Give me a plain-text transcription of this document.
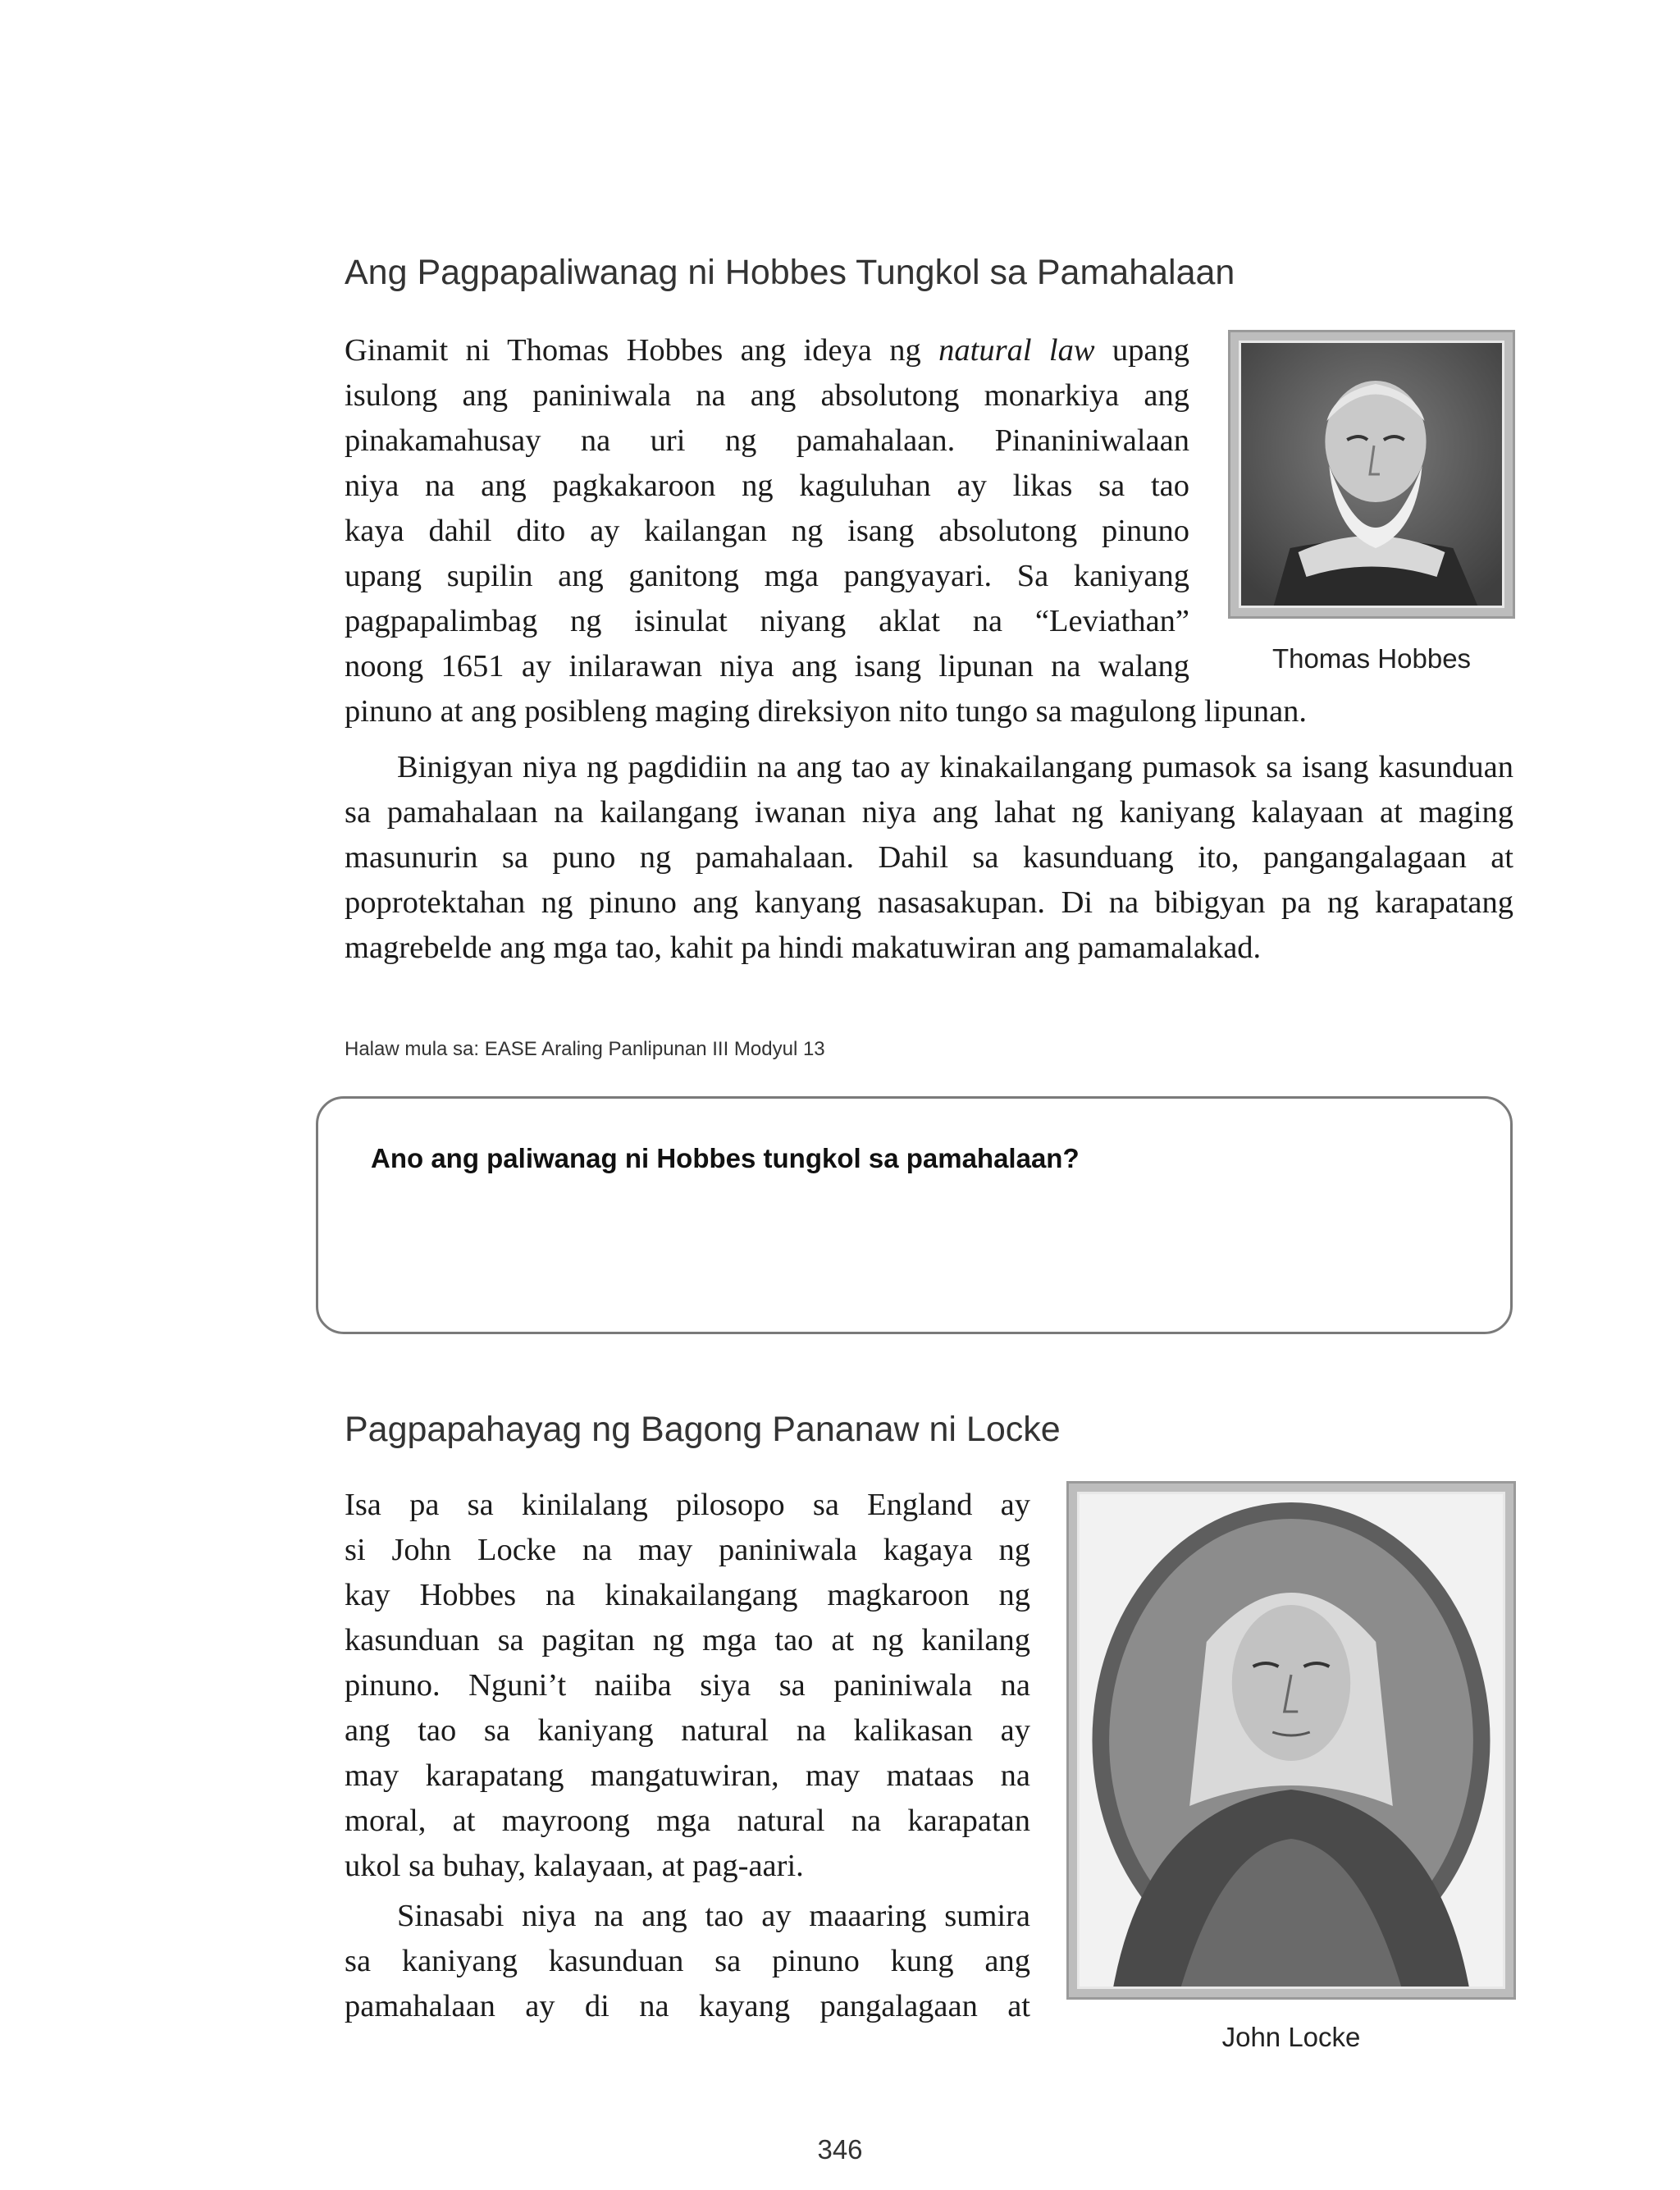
Ang Pagpapaliwanag ni Hobbes Tungkol sa Pamahalaan
Ginamit ni Thomas Hobbes ang ideya ng natural law upang
isulong ang paniniwala na ang absolutong monarkiya ang
pinakamahusay na uri ng pamahalaan. Pinaniniwalaan
niya na ang pagkakaroon ng kaguluhan ay likas sa tao
kaya dahil dito ay kailangan ng isang absolutong pinuno
upang supilin ang ganitong mga pangyayari. Sa kaniyang
pagpapalimbag ng isinulat niyang aklat na “Leviathan”
noong 1651 ay inilarawan niya ang isang lipunan na walang
pinuno at ang posibleng maging direksiyon nito tungo sa magulong lipunan.

Binigyan niya ng pagdidiin na ang tao ay kinakailangang pumasok sa isang kasunduan sa pamahalaan na kailangang iwanan niya ang lahat ng kaniyang kalayaan at maging masunurin sa puno ng pamahalaan. Dahil sa kasunduang ito, pangangalagaan at poprotektahan ng pinuno ang kanyang nasasakupan. Di na bibigyan pa ng karapatang magrebelde ang mga tao, kahit pa hindi makatuwiran ang pamamalakad.

Thomas Hobbes
Halaw mula sa: EASE Araling Panlipunan III Modyul 13
Ano ang paliwanag ni Hobbes tungkol sa pamahalaan?
Pagpapahayag ng Bagong Pananaw ni Locke
Isa pa sa kinilalang pilosopo sa England ay
si John Locke na may paniniwala kagaya ng
kay Hobbes na kinakailangang magkaroon ng
kasunduan sa pagitan ng mga tao at ng kanilang
pinuno. Nguni’t naiiba siya sa paniniwala na
ang tao sa kaniyang natural na kalikasan ay
may karapatang mangatuwiran, may mataas na
moral, at mayroong mga natural na karapatan
ukol sa buhay, kalayaan, at pag-aari.
Sinasabi niya na ang tao ay maaaring sumira
sa kaniyang kasunduan sa pinuno kung ang
pamahalaan ay di na kayang pangalagaan at
John Locke
346
